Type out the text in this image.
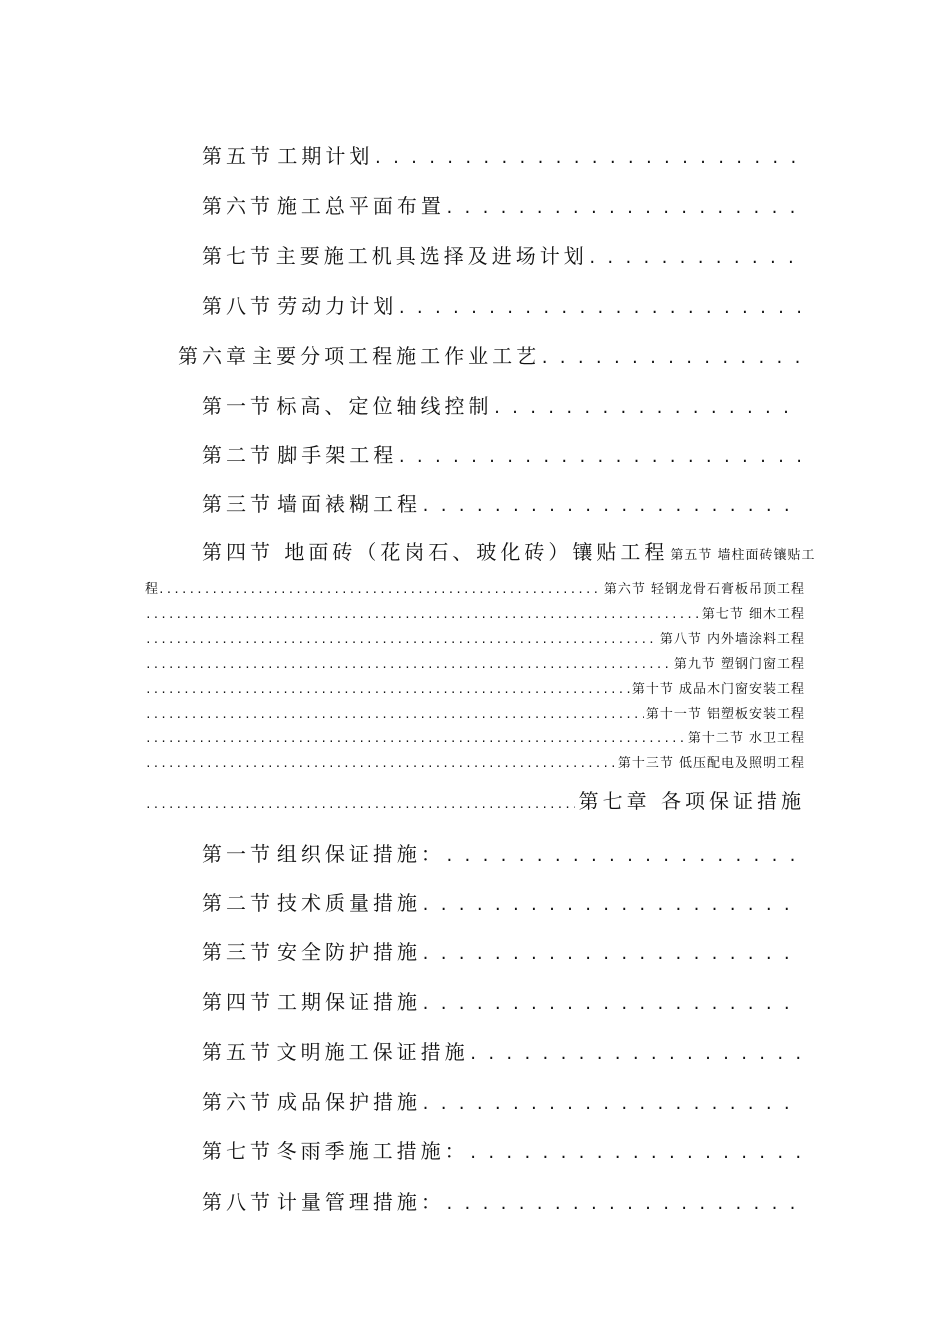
第五节 工期计划
. . .
第六节 施工总平面布置
. . .
第七节 主要施工机具选择及进场计划
. . .
第八节 劳动力计划
. . .
第六章 主要分项工程施工作业工艺
. . .
第一节 标高、定位轴线控制
. . .
第二节 脚手架工程
. . .
第三节 墙面裱糊工程
. . .
第四节 地面砖（花岗石、玻化砖）镶贴工程 第五节 墙柱面砖镶贴工
程
.....	第六节 轻钢龙骨石膏板吊顶工程
.....
第七节 细木工程
.....
第八节 内外墙涂料工程
.....
第九节 塑钢门窗工程
.....
第十节 成品木门窗安装工程
.....
第十一节 铝塑板安装工程
.....
第十二节 水卫工程
.....
第十三节 低压配电及照明工程
.....
第七章 各项保证措施
第一节 组织保证措施：
. . .
第二节 技术质量措施
. . .
第三节 安全防护措施
. . .
第四节 工期保证措施
. . .
第五节 文明施工保证措施
. . .
第六节 成品保护措施
. . .
第七节 冬雨季施工措施：
. . .
第八节 计量管理措施：
. . .
